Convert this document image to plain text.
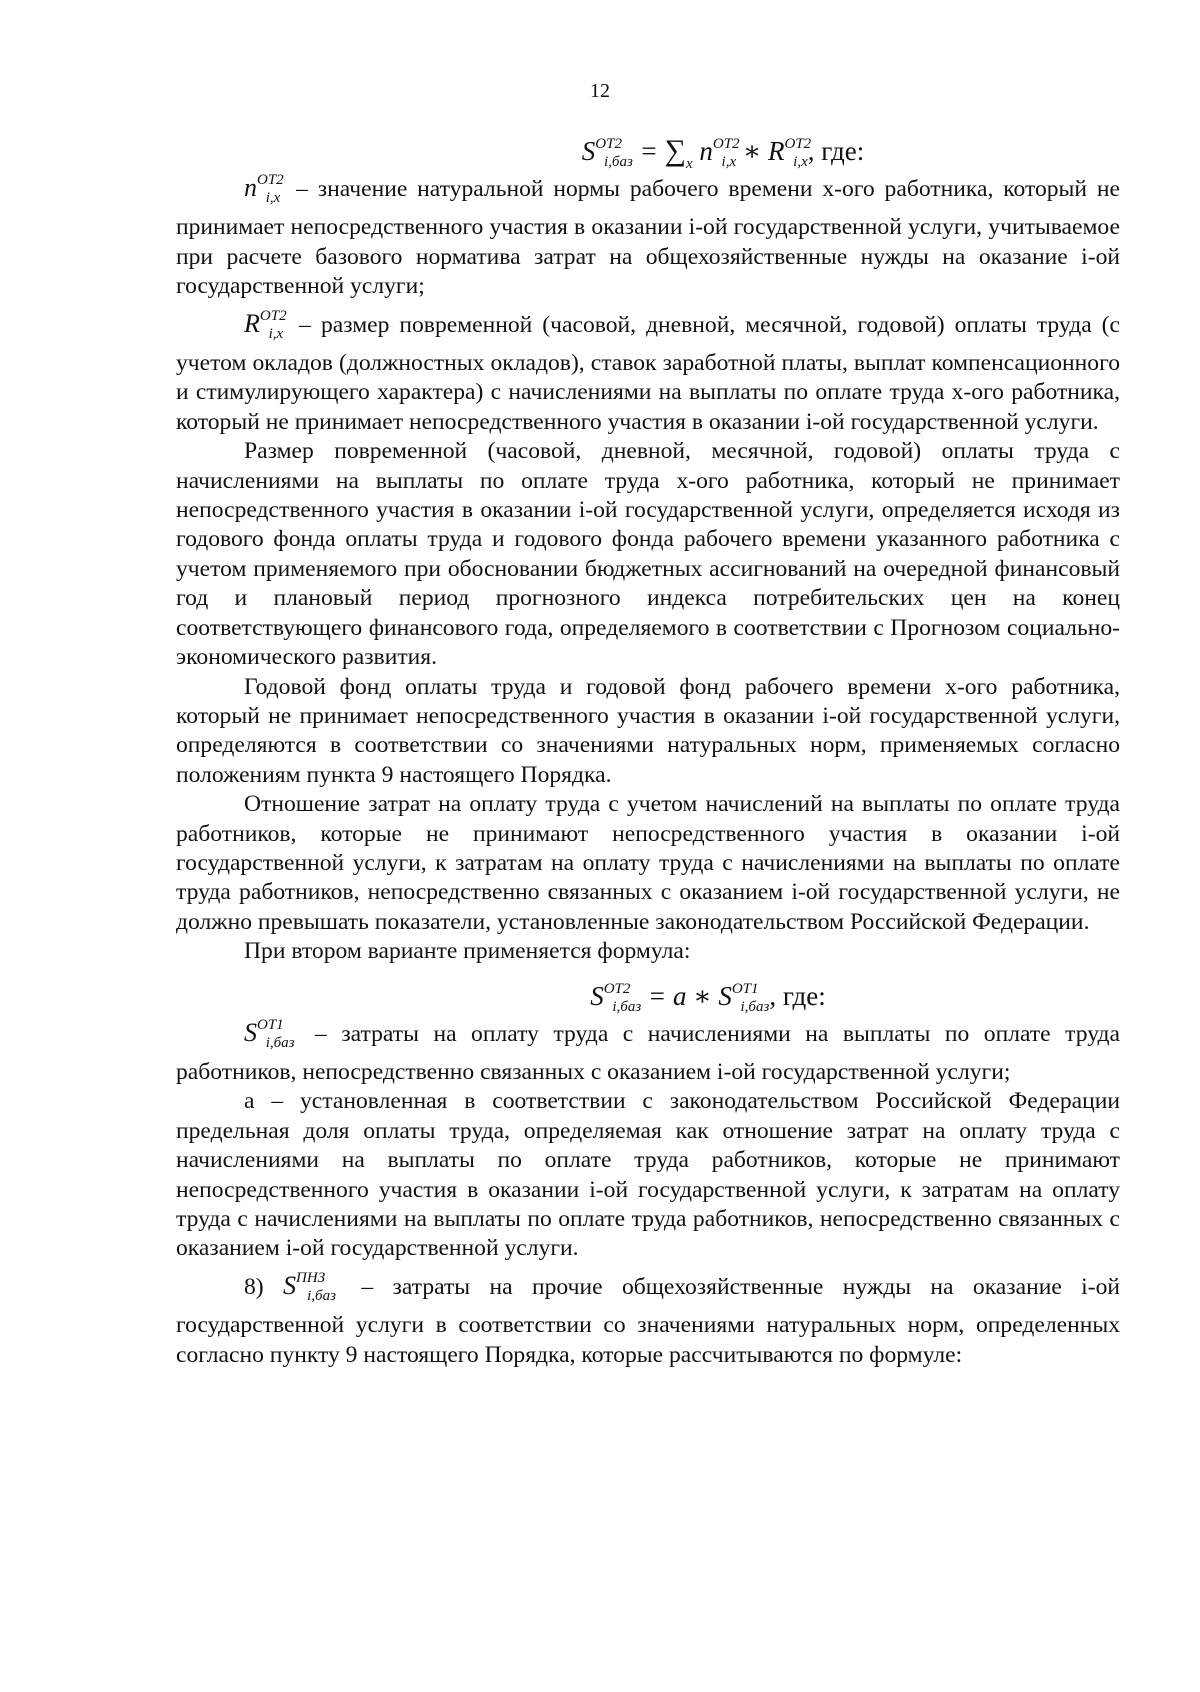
12

$S^{ОТ2}_{i,баз} = \sum_x$ $n^{ОТ2}_{i,x}$ ∗ $R^{ОТ2}_{i,x}$, где:

$n^{ОТ2}_{i,x}$ – значение натуральной нормы рабочего времени x-ого работника, который не принимает непосредственного участия в оказании i-ой государственной услуги, учитываемое при расчете базового норматива затрат на общехозяйственные нужды на оказание i-ой государственной услуги;

$R^{ОТ2}_{i,x}$ – размер повременной (часовой, дневной, месячной, годовой) оплаты труда (с учетом окладов (должностных окладов), ставок заработной платы, выплат компенсационного и стимулирующего характера) с начислениями на выплаты по оплате труда x-ого работника, который не принимает непосредственного участия в оказании i-ой государственной услуги.

Размер повременной (часовой, дневной, месячной, годовой) оплаты труда с начислениями на выплаты по оплате труда x-ого работника, который не принимает непосредственного участия в оказании i-ой государственной услуги, определяется исходя из годового фонда оплаты труда и годового фонда рабочего времени указанного работника с учетом применяемого при обосновании бюджетных ассигнований на очередной финансовый год и плановый период прогнозного индекса потребительских цен на конец соответствующего финансового года, определяемого в соответствии с Прогнозом социально-экономического развития.

Годовой фонд оплаты труда и годовой фонд рабочего времени x-ого работника, который не принимает непосредственного участия в оказании i-ой государственной услуги, определяются в соответствии со значениями натуральных норм, применяемых согласно положениям пункта 9 настоящего Порядка.

Отношение затрат на оплату труда с учетом начислений на выплаты по оплате труда работников, которые не принимают непосредственного участия в оказании i-ой государственной услуги, к затратам на оплату труда с начислениями на выплаты по оплате труда работников, непосредственно связанных с оказанием i-ой государственной услуги, не должно превышать показатели, установленные законодательством Российской Федерации.

При втором варианте применяется формула:

$S^{ОТ2}_{i,баз} = a$ ∗ $S^{ОТ1}_{i,баз}$, где:

$S^{ОТ1}_{i,баз}$ – затраты на оплату труда с начислениями на выплаты по оплате труда работников, непосредственно связанных с оказанием i-ой государственной услуги;

а – установленная в соответствии с законодательством Российской Федерации предельная доля оплаты труда, определяемая как отношение затрат на оплату труда с начислениями на выплаты по оплате труда работников, которые не принимают непосредственного участия в оказании i-ой государственной услуги, к затратам на оплату труда с начислениями на выплаты по оплате труда работников, непосредственно связанных с оказанием i-ой государственной услуги.

8) $S^{ПНЗ}_{i,баз}$ – затраты на прочие общехозяйственные нужды на оказание i-ой государственной услуги в соответствии со значениями натуральных норм, определенных согласно пункту 9 настоящего Порядка, которые рассчитываются по формуле:
